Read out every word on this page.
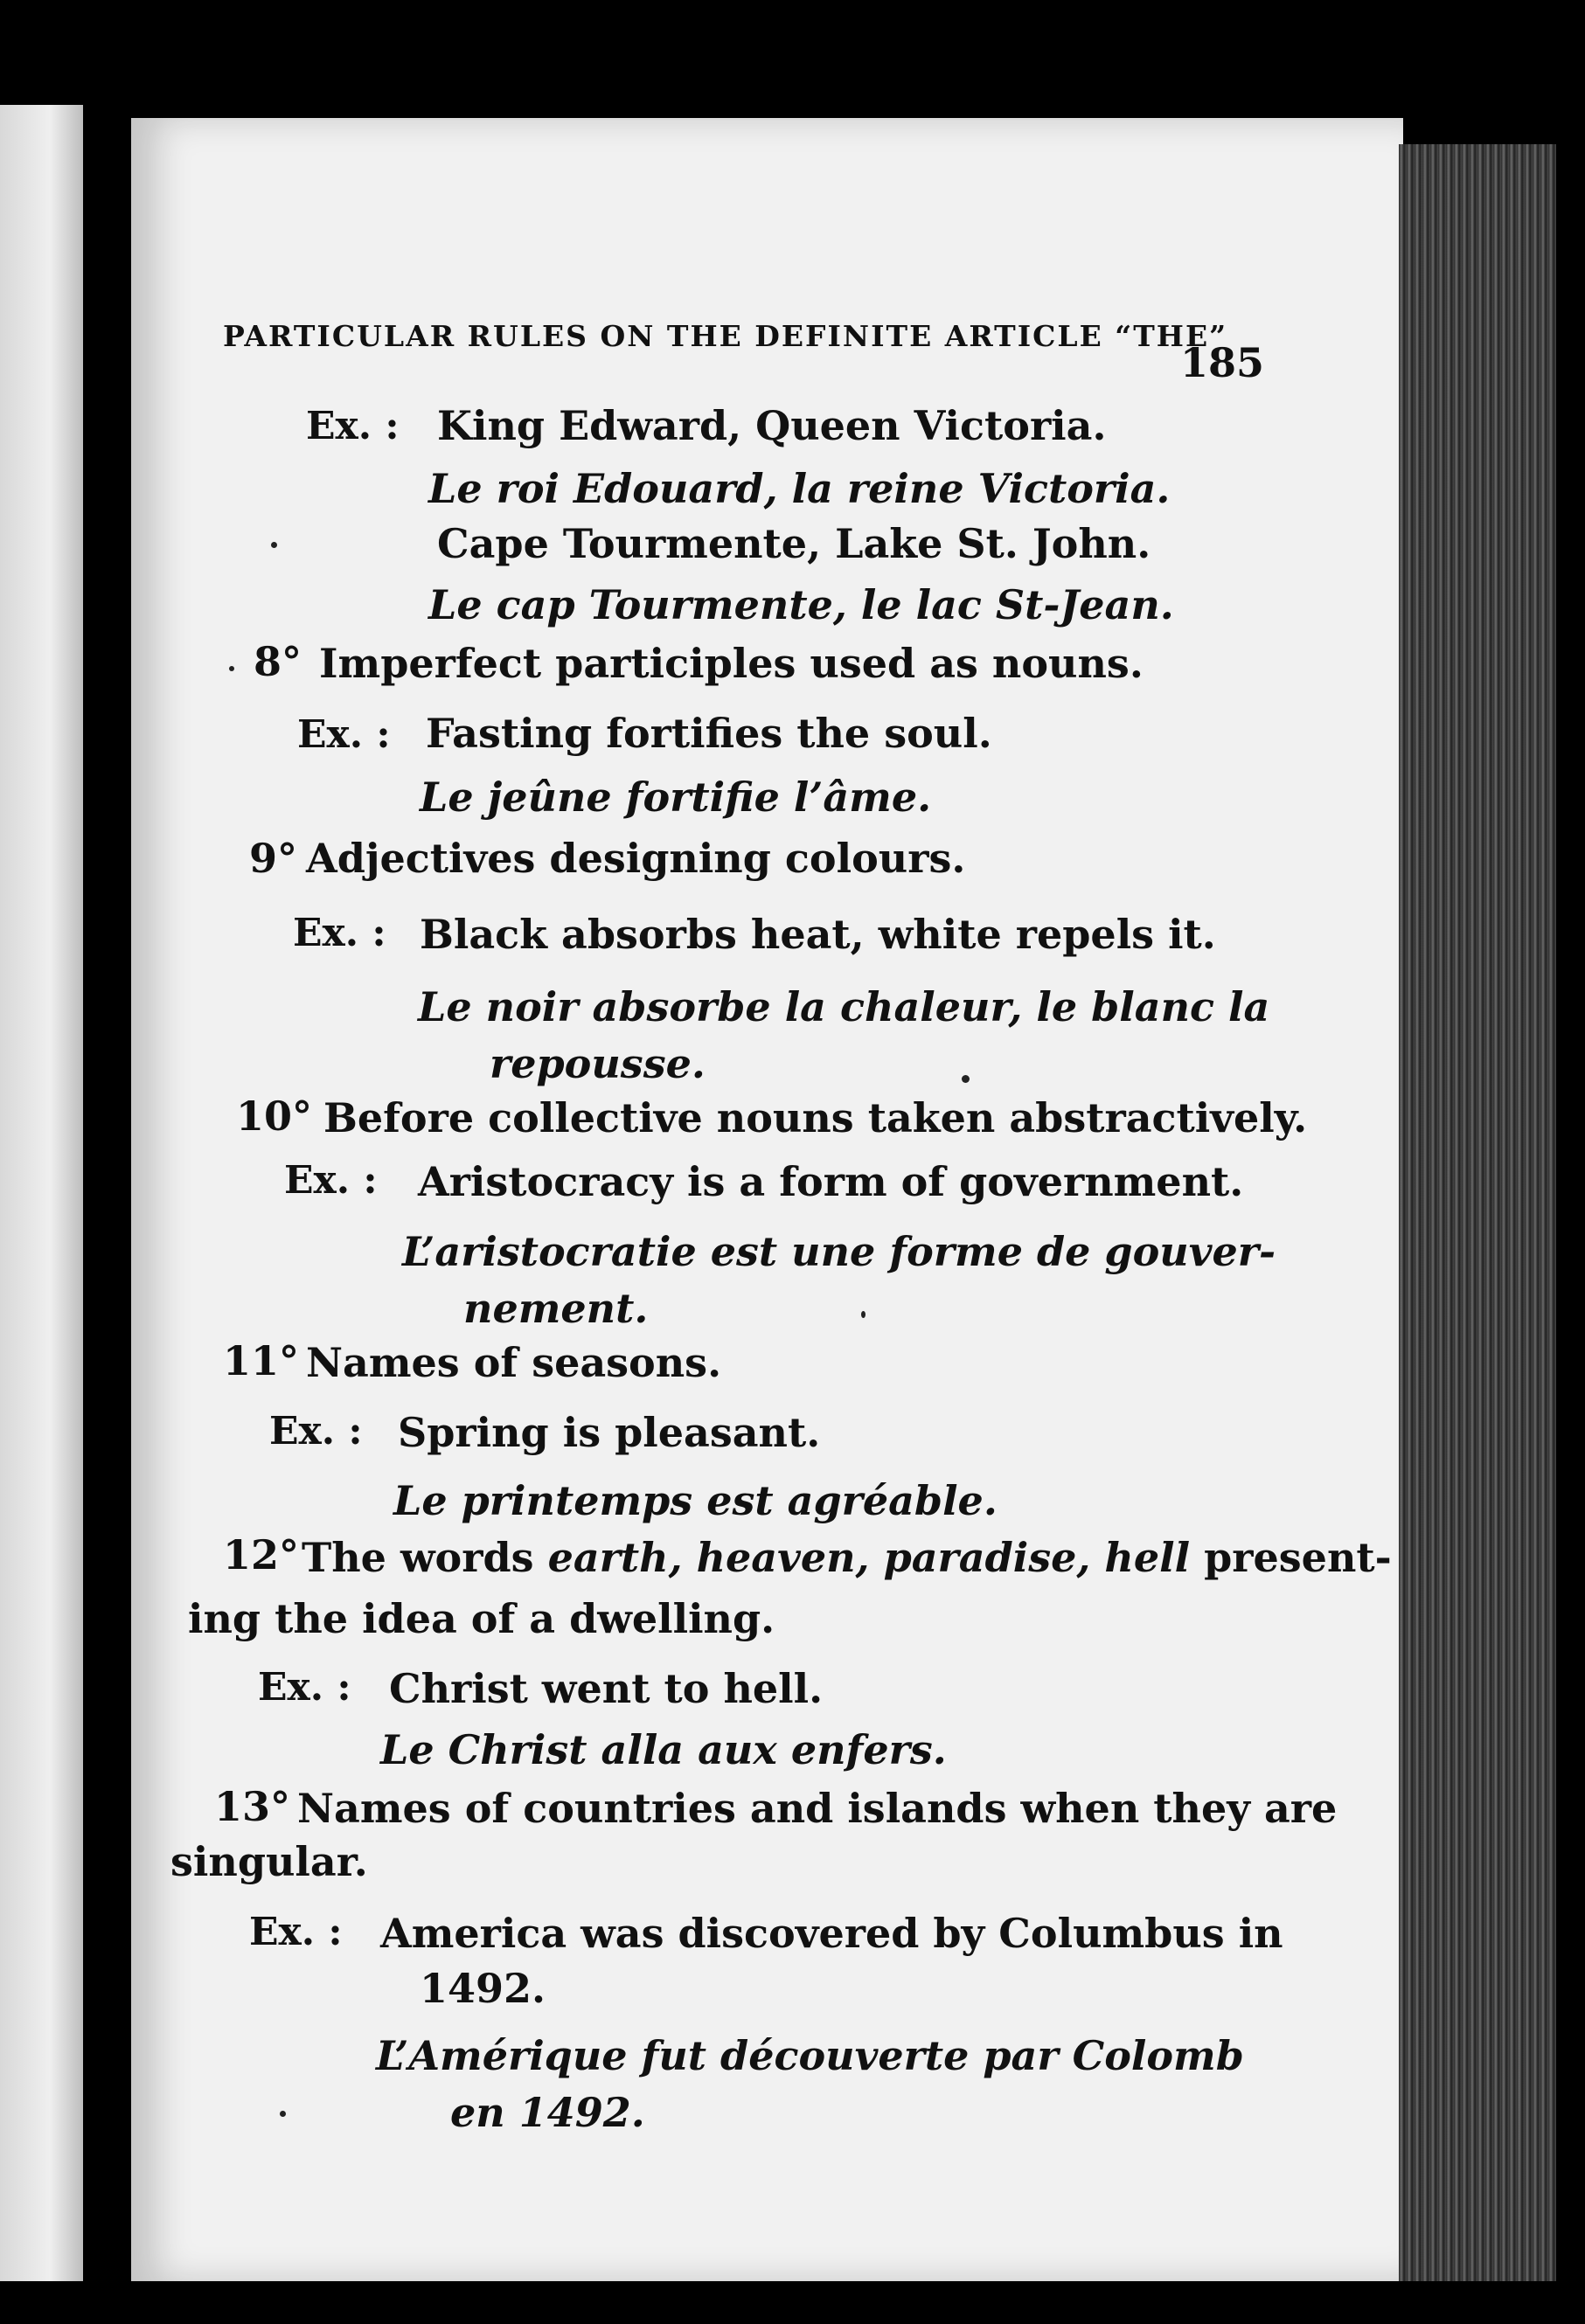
PARTICULAR RULES ON THE DEFINITE ARTICLE “THE”
185
Ex. : King Edward, Queen Victoria.
Le roi Edouard, la reine Victoria.
Cape Tourmente, Lake St. John.
Le cap Tourmente, le lac St-Jean.
8° Imperfect participles used as nouns.
Ex. : Fasting fortifies the soul.
Le jeûne fortifie l’âme.
9° Adjectives designing colours.
Ex. : Black absorbs heat, white repels it.
Le noir absorbe la chaleur, le blanc la
repousse.
10° Before collective nouns taken abstractively.
Ex. : Aristocracy is a form of government.
L’aristocratie est une forme de gouver-
nement.
11° Names of seasons.
Ex. : Spring is pleasant.
Le printemps est agréable.
12° The words earth, heaven, paradise, hell present-
ing the idea of a dwelling.
Ex. : Christ went to hell.
Le Christ alla aux enfers.
13° Names of countries and islands when they are
singular.
Ex. : America was discovered by Columbus in
1492.
L’Amérique fut découverte par Colomb
en 1492.
